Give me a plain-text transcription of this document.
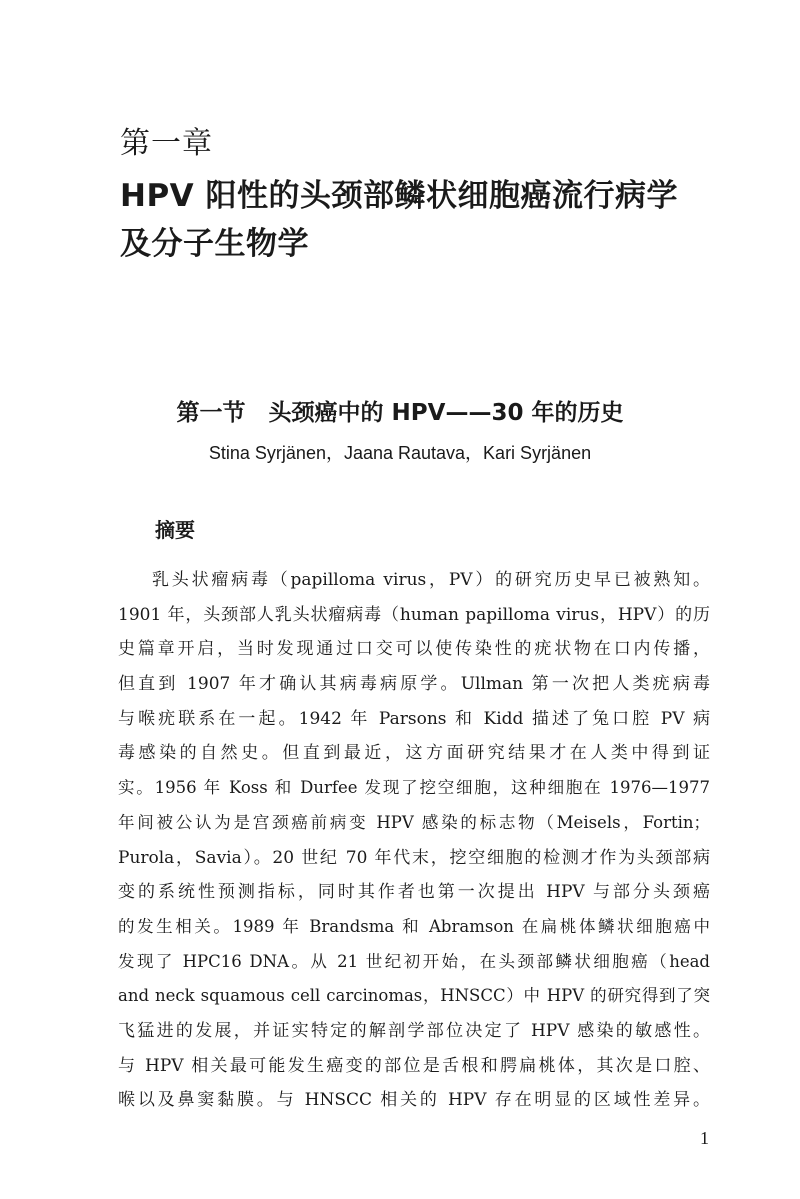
第一章
HPV 阳性的头颈部鳞状细胞癌流行病学
及分子生物学
第一节　头颈癌中的 HPV——30 年的历史
Stina Syrjänen，Jaana Rautava，Kari Syrjänen
摘要
乳头状瘤病毒（papilloma virus，PV）的研究历史早已被熟知。
1901 年，头颈部人乳头状瘤病毒（human papilloma virus，HPV）的历
史篇章开启，当时发现通过口交可以使传染性的疣状物在口内传播，
但直到 1907 年才确认其病毒病原学。Ullman 第一次把人类疣病毒
与喉疣联系在一起。1942 年 Parsons 和 Kidd 描述了兔口腔 PV 病
毒感染的自然史。但直到最近，这方面研究结果才在人类中得到证
实。1956 年 Koss 和 Durfee 发现了挖空细胞，这种细胞在 1976—1977
年间被公认为是宫颈癌前病变 HPV 感染的标志物（Meisels，Fortin；
Purola，Savia）。20 世纪 70 年代末，挖空细胞的检测才作为头颈部病
变的系统性预测指标，同时其作者也第一次提出 HPV 与部分头颈癌
的发生相关。1989 年 Brandsma 和 Abramson 在扁桃体鳞状细胞癌中
发现了 HPC16 DNA。从 21 世纪初开始，在头颈部鳞状细胞癌（head
and neck squamous cell carcinomas，HNSCC）中 HPV 的研究得到了突
飞猛进的发展，并证实特定的解剖学部位决定了 HPV 感染的敏感性。
与 HPV 相关最可能发生癌变的部位是舌根和腭扁桃体，其次是口腔、
喉以及鼻窦黏膜。与 HNSCC 相关的 HPV 存在明显的区域性差异。
1
